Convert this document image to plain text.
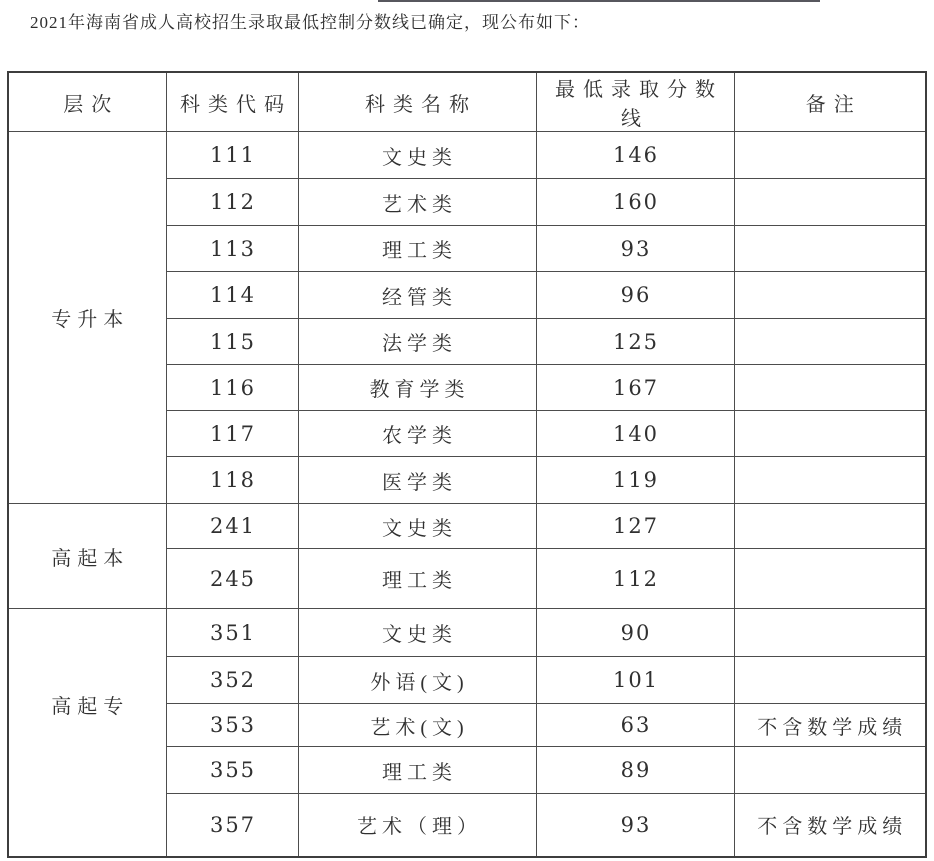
2021年海南省成人高校招生录取最低控制分数线已确定，现公布如下：
层次	科类代码	科类名称	最低录取分数线	备注
专升本	111	文史类	146	
	112	艺术类	160	
	113	理工类	93	
	114	经管类	96	
	115	法学类	125	
	116	教育学类	167	
	117	农学类	140	
	118	医学类	119	
高起本	241	文史类	127	
	245	理工类	112	
高起专	351	文史类	90	
	352	外语(文)	101	
	353	艺术(文)	63	不含数学成绩
	355	理工类	89	
	357	艺术（理）	93	不含数学成绩
